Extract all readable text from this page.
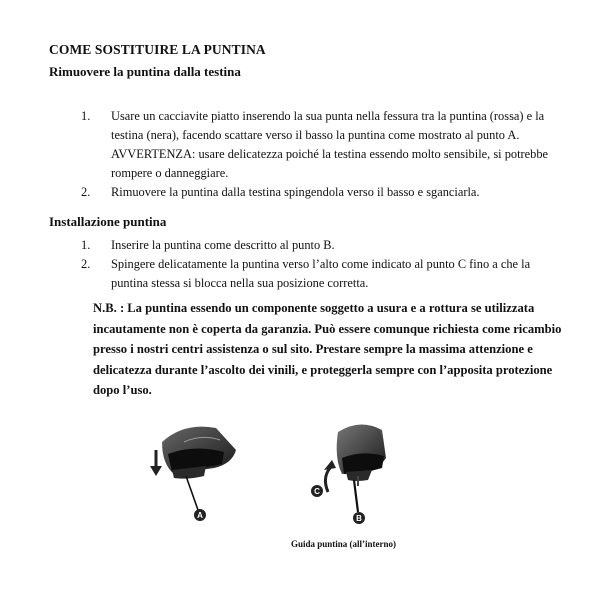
COME SOSTITUIRE LA PUNTINA
Rimuovere la puntina dalla testina
1. Usare un cacciavite piatto inserendo la sua punta nella fessura tra la puntina (rossa) e la testina (nera), facendo scattare verso il basso la puntina come mostrato al punto A. AVVERTENZA: usare delicatezza poiché la testina essendo molto sensibile, si potrebbe rompere o danneggiare.
2. Rimuovere la puntina dalla testina spingendola verso il basso e sganciarla.
Installazione puntina
1. Inserire la puntina come descritto al punto B.
2. Spingere delicatamente la puntina verso l’alto come indicato al punto C fino a che la puntina stessa si blocca nella sua posizione corretta.
N.B. : La puntina essendo un componente soggetto a usura e a rottura se utilizzata incautamente non è coperta da garanzia. Può essere comunque richiesta come ricambio presso i nostri centri assistenza o sul sito. Prestare sempre la massima attenzione e delicatezza durante l’ascolto dei vinili, e proteggerla sempre con l’apposita protezione dopo l’uso.
A
C
B
Guida puntina (all’interno)
